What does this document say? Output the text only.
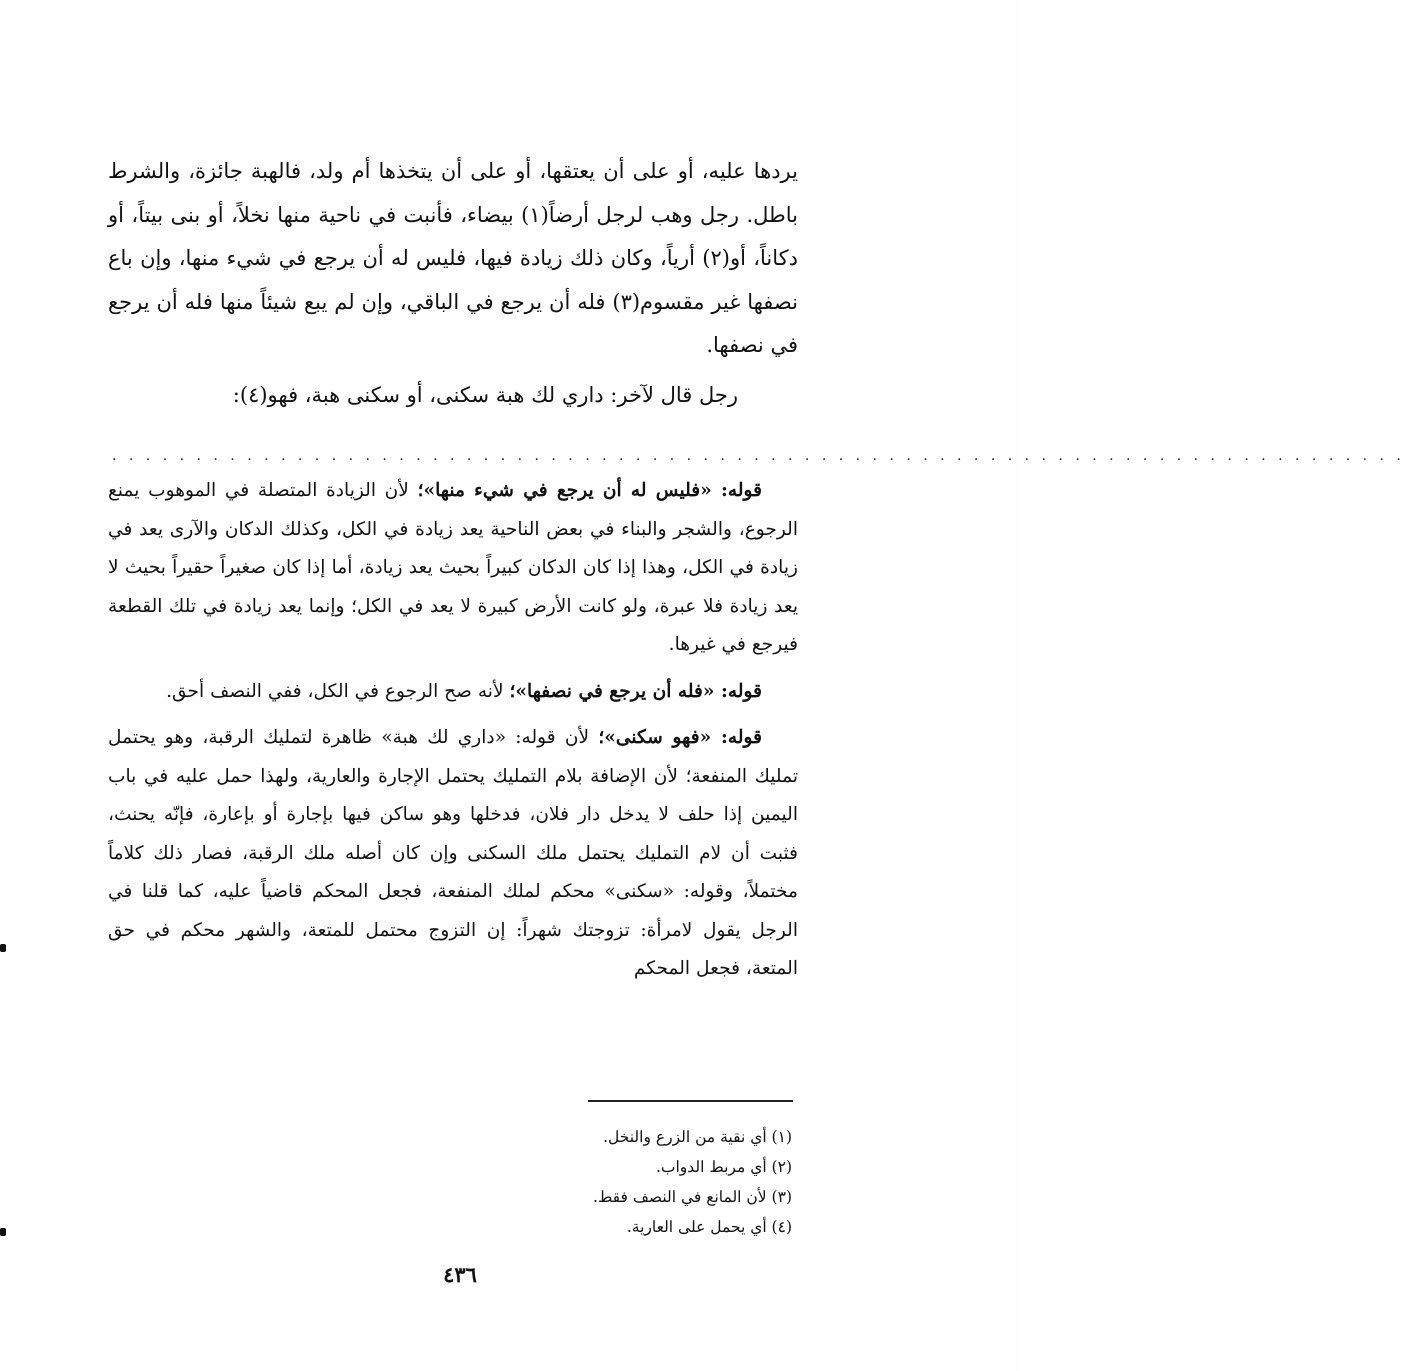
يردها عليه، أو على أن يعتقها، أو على أن يتخذها أم ولد، فالهبة جائزة، والشرط باطل. رجل وهب لرجل أرضاً(١) بيضاء، فأنبت في ناحية منها نخلاً، أو بنى بيتاً، أو دكاناً، أو(٢) أرياً، وكان ذلك زيادة فيها، فليس له أن يرجع في شيء منها، وإن باع نصفها غير مقسوم(٣) فله أن يرجع في الباقي، وإن لم يبع شيئاً منها فله أن يرجع في نصفها.

رجل قال لآخر: داري لك هبة سكنى، أو سكنى هبة، فهو(٤):

. . . . . . . . . . . . . . . . . . . . . . . . . . . . . . . . . . . . . . . . . . . . . . . . . . . . . . . . . . . . . . . . . . . . . . . . . . . . .

قوله: «فليس له أن يرجع في شيء منها»؛ لأن الزيادة المتصلة في الموهوب يمنع الرجوع، والشجر والبناء في بعض الناحية يعد زيادة في الكل، وكذلك الدكان والآرى يعد في زيادة في الكل، وهذا إذا كان الدكان كبيراً بحيث يعد زيادة، أما إذا كان صغيراً حقيراً بحيث لا يعد زيادة فلا عبرة، ولو كانت الأرض كبيرة لا يعد في الكل؛ وإنما يعد زيادة في تلك القطعة فيرجع في غيرها.

قوله: «فله أن يرجع في نصفها»؛ لأنه صح الرجوع في الكل، ففي النصف أحق.

قوله: «فهو سكنى»؛ لأن قوله: «داري لك هبة» ظاهرة لتمليك الرقبة، وهو يحتمل تمليك المنفعة؛ لأن الإضافة بلام التمليك يحتمل الإجارة والعارية، ولهذا حمل عليه في باب اليمين إذا حلف لا يدخل دار فلان، فدخلها وهو ساكن فيها بإجارة أو بإعارة، فإنّه يحنث، فثبت أن لام التمليك يحتمل ملك السكنى وإن كان أصله ملك الرقبة، فصار ذلك كلاماً مختملاً، وقوله: «سكنى» محكم لملك المنفعة، فجعل المحكم قاضياً عليه، كما قلنا في الرجل يقول لامرأة: تزوجتك شهراً: إن التزوج محتمل للمتعة، والشهر محكم في حق المتعة، فجعل المحكم

(١) أي نقية من الزرع والنخل.
(٢) أي مربط الدواب.
(٣) لأن المانع في النصف فقط.
(٤) أي يحمل على العارية.
٤٣٦
